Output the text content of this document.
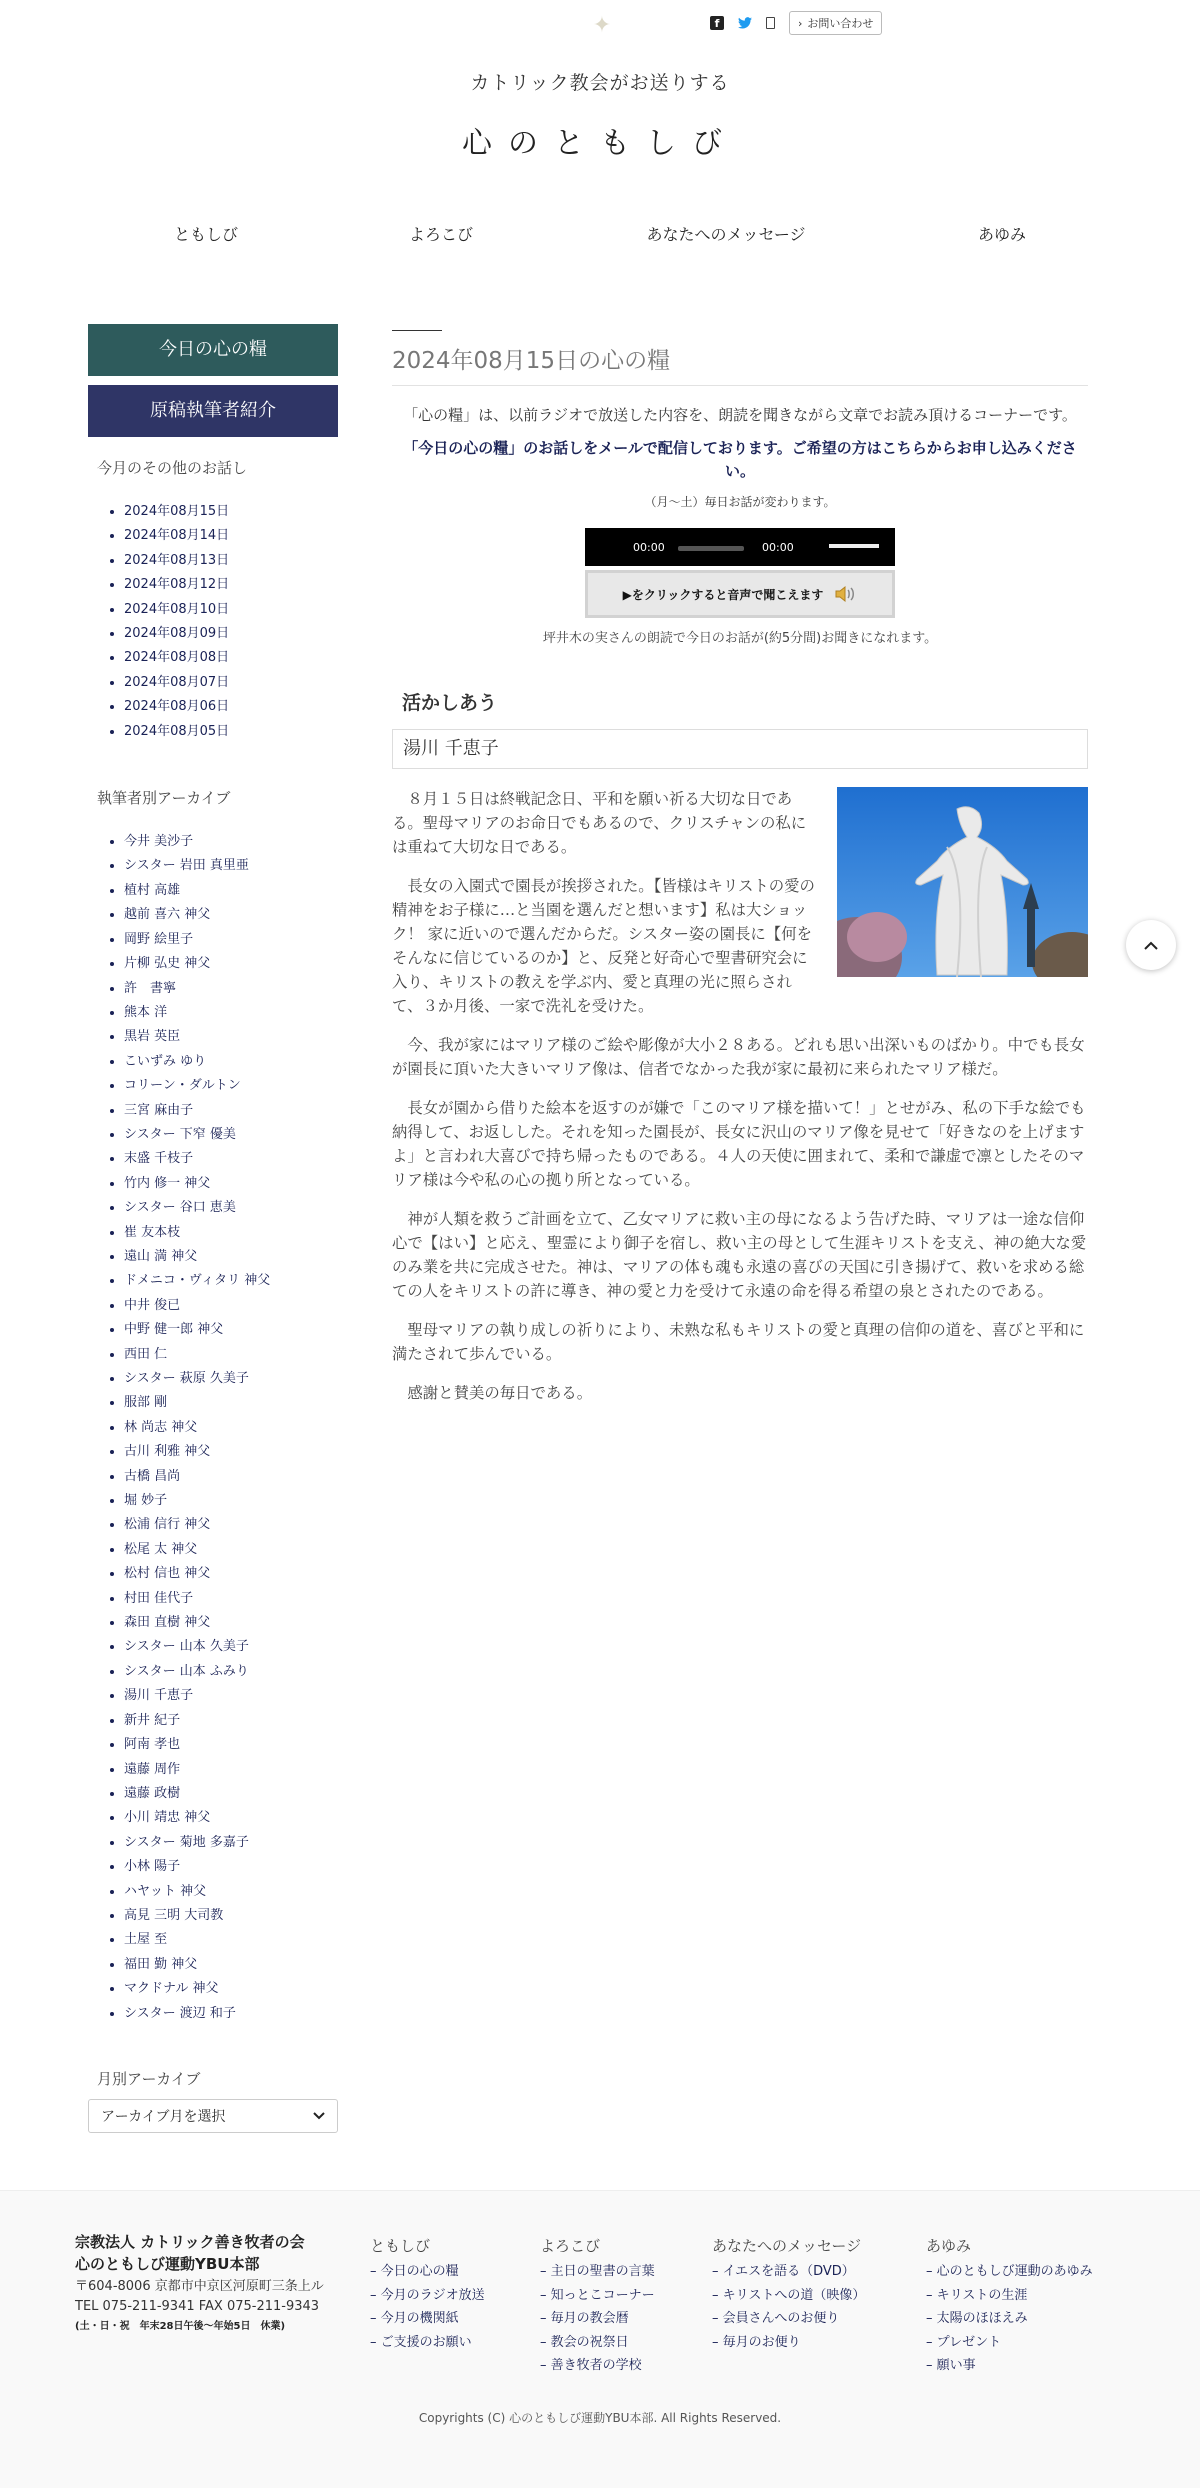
✦	f	› お問い合わせ
カトリック教会がお送りする
心のともしび
ともしび	よろこび	あなたへのメッセージ	あゆみ
今日の心の糧
原稿執筆者紹介
今月のその他のお話し
• 2024年08月15日
• 2024年08月14日
• 2024年08月13日
• 2024年08月12日
• 2024年08月10日
• 2024年08月09日
• 2024年08月08日
• 2024年08月07日
• 2024年08月06日
• 2024年08月05日
執筆者別アーカイブ
• 今井 美沙子
• シスター 岩田 真里亜
• 植村 高雄
• 越前 喜六 神父
• 岡野 絵里子
• 片柳 弘史 神父
• 許　書寧
• 熊本 洋
• 黒岩 英臣
• こいずみ ゆり
• コリーン・ダルトン
• 三宮 麻由子
• シスター 下窄 優美
• 末盛 千枝子
• 竹内 修一 神父
• シスター 谷口 恵美
• 崔 友本枝
• 遠山 満 神父
• ドメニコ・ヴィタリ 神父
• 中井 俊已
• 中野 健一郎 神父
• 西田 仁
• シスター 萩原 久美子
• 服部 剛
• 林 尚志 神父
• 古川 利雅 神父
• 古橋 昌尚
• 堀 妙子
• 松浦 信行 神父
• 松尾 太 神父
• 松村 信也 神父
• 村田 佳代子
• 森田 直樹 神父
• シスター 山本 久美子
• シスター 山本 ふみり
• 湯川 千恵子
• 新井 紀子
• 阿南 孝也
• 遠藤 周作
• 遠藤 政樹
• 小川 靖忠 神父
• シスター 菊地 多嘉子
• 小林 陽子
• ハヤット 神父
• 高見 三明 大司教
• 土屋 至
• 福田 勤 神父
• マクドナル 神父
• シスター 渡辺 和子
月別アーカイブ
アーカイブ月を選択
2024年08月15日の心の糧

「心の糧」は、以前ラジオで放送した内容を、朗読を聞きながら文章でお読み頂けるコーナーです。

「今日の心の糧」のお話しをメールで配信しております。ご希望の方はこちらからお申し込みください。

（月〜土）毎日お話が変わります。

00:00	00:00
▶をクリックすると音声で聞こえます

坪井木の実さんの朗読で今日のお話が(約5分間)お聞きになれます。

活かしあう
湯川 千恵子

８月１５日は終戦記念日、平和を願い祈る大切な日である。聖母マリアのお命日でもあるので、クリスチャンの私には重ねて大切な日である。

長女の入園式で園長が挨拶された。【皆様はキリストの愛の精神をお子様に…と当園を選んだと想います】私は大ショック！ 家に近いので選んだからだ。シスター姿の園長に【何をそんなに信じているのか】と、反発と好奇心で聖書研究会に入り、キリストの教えを学ぶ内、愛と真理の光に照らされて、３か月後、一家で洗礼を受けた。

今、我が家にはマリア様のご絵や彫像が大小２８ある。どれも思い出深いものばかり。中でも長女が園長に頂いた大きいマリア像は、信者でなかった我が家に最初に来られたマリア様だ。

長女が園から借りた絵本を返すのが嫌で「このマリア様を描いて！」とせがみ、私の下手な絵でも納得して、お返しした。それを知った園長が、長女に沢山のマリア像を見せて「好きなのを上げますよ」と言われ大喜びで持ち帰ったものである。４人の天使に囲まれて、柔和で謙虚で凛としたそのマリア様は今や私の心の拠り所となっている。

神が人類を救うご計画を立て、乙女マリアに救い主の母になるよう告げた時、マリアは一途な信仰心で【はい】と応え、聖霊により御子を宿し、救い主の母として生涯キリストを支え、神の絶大な愛のみ業を共に完成させた。神は、マリアの体も魂も永遠の喜びの天国に引き揚げて、救いを求める総ての人をキリストの許に導き、神の愛と力を受けて永遠の命を得る希望の泉とされたのである。

聖母マリアの執り成しの祈りにより、未熟な私もキリストの愛と真理の信仰の道を、喜びと平和に満たされて歩んでいる。

感謝と賛美の毎日である。

宗教法人 カトリック善き牧者の会
心のともしび運動YBU本部
〒604-8006 京都市中京区河原町三条上ル
TEL 075-211-9341 FAX 075-211-9343
(土・日・祝　年末28日午後〜年始5日　休業)
ともしび
– 今日の心の糧
– 今月のラジオ放送
– 今月の機関紙
– ご支援のお願い
よろこび
– 主日の聖書の言葉
– 知っとこコーナー
– 毎月の教会暦
– 教会の祝祭日
– 善き牧者の学校
あなたへのメッセージ
– イエスを語る（DVD）
– キリストへの道（映像）
– 会員さんへのお便り
– 毎月のお便り
あゆみ
– 心のともしび運動のあゆみ
– キリストの生涯
– 太陽のほほえみ
– プレゼント
– 願い事
Copyrights (C) 心のともしび運動YBU本部. All Rights Reserved.
